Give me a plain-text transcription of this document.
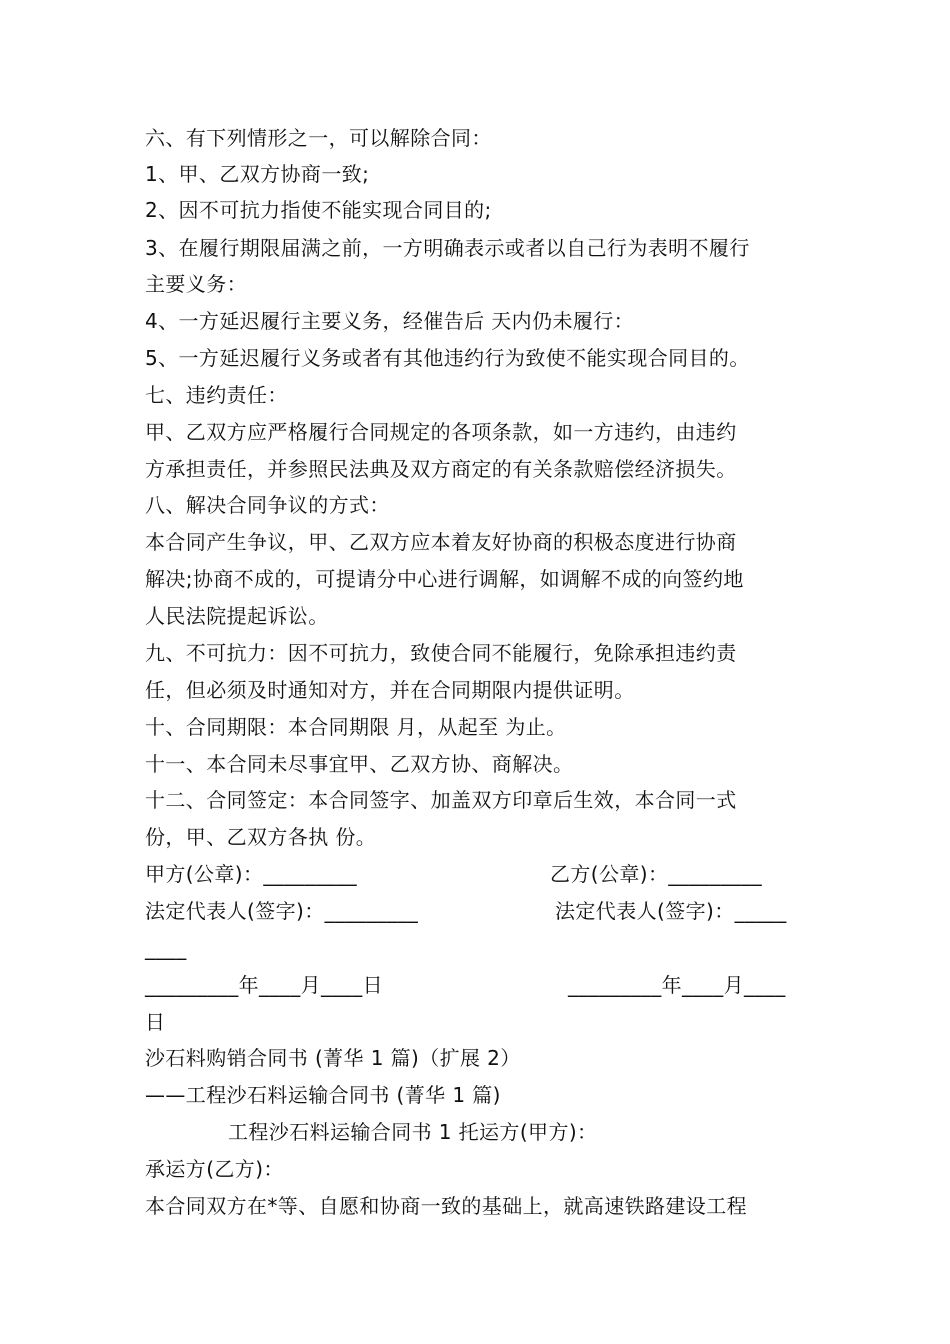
六、有下列情形之一，可以解除合同：
1、甲、乙双方协商一致;
2、因不可抗力指使不能实现合同目的;
3、在履行期限届满之前，一方明确表示或者以自己行为表明不履行
主要义务：
4、一方延迟履行主要义务，经催告后 天内仍未履行：
5、一方延迟履行义务或者有其他违约行为致使不能实现合同目的。
七、违约责任：
甲、乙双方应严格履行合同规定的各项条款，如一方违约，由违约
方承担责任，并参照民法典及双方商定的有关条款赔偿经济损失。
八、解决合同争议的方式：
本合同产生争议，甲、乙双方应本着友好协商的积极态度进行协商
解决;协商不成的，可提请分中心进行调解，如调解不成的向签约地
人民法院提起诉讼。
九、不可抗力：因不可抗力，致使合同不能履行，免除承担违约责
任，但必须及时通知对方，并在合同期限内提供证明。
十、合同期限：本合同期限 月，从起至 为止。
十一、本合同未尽事宜甲、乙双方协、商解决。
十二、合同签定：本合同签字、加盖双方印章后生效，本合同一式
份，甲、乙双方各执 份。
甲方(公章)：_________	乙方(公章)：_________
法定代表人(签字)：_________	法定代表人(签字)：_____
____
_________年____月____日	_________年____月____
日
沙石料购销合同书 (菁华 1 篇)（扩展 2）
——工程沙石料运输合同书 (菁华 1 篇)
工程沙石料运输合同书 1 托运方(甲方)：
承运方(乙方)：
本合同双方在*等、自愿和协商一致的基础上，就高速铁路建设工程
